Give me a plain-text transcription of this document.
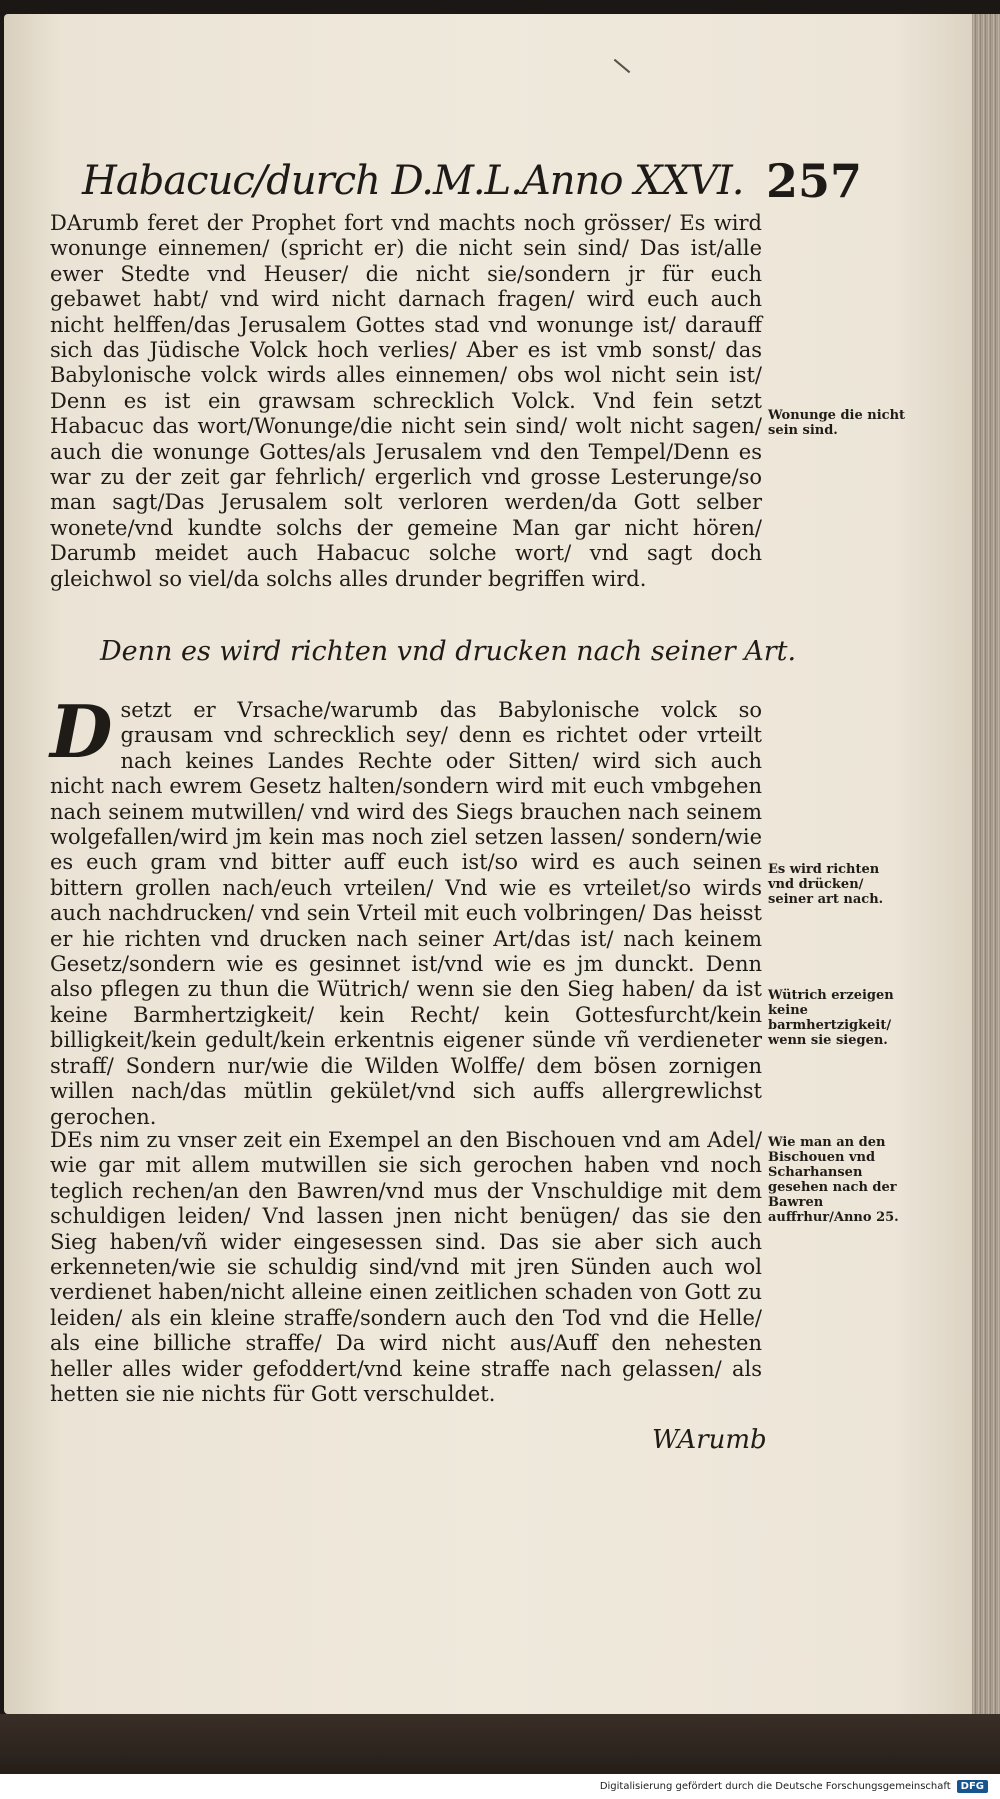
Habacuc/durch D.M.L.Anno XXVI. 257
DArumb feret der Prophet fort vnd machts noch grösser/ Es wird wonunge einnemen/ (spricht er) die nicht sein sind/ Das ist/alle ewer Stedte vnd Heuser/ die nicht sie/sondern jr für euch gebawet habt/ vnd wird nicht darnach fragen/ wird euch auch nicht helffen/das Jerusalem Gottes stad vnd wonunge ist/ darauff sich das Jüdische Volck hoch verlies/ Aber es ist vmb sonst/ das Babylonische volck wirds alles einnemen/ obs wol nicht sein ist/ Denn es ist ein grawsam schrecklich Volck. Vnd fein setzt Habacuc das wort/Wonunge/die nicht sein sind/ wolt nicht sagen/ auch die wonunge Gottes/als Jerusalem vnd den Tempel/Denn es war zu der zeit gar fehrlich/ ergerlich vnd grosse Lesterunge/so man sagt/Das Jerusalem solt verloren werden/da Gott selber wonete/vnd kundte solchs der gemeine Man gar nicht hören/ Darumb meidet auch Habacuc solche wort/ vnd sagt doch gleichwol so viel/da solchs alles drunder begriffen wird.
Denn es wird richten vnd drucken nach seiner Art.
Dsetzt er Vrsache/warumb das Babylonische volck so grausam vnd schrecklich sey/ denn es richtet oder vrteilt nach keines Landes Rechte oder Sitten/ wird sich auch nicht nach ewrem Gesetz halten/sondern wird mit euch vmbgehen nach seinem mutwillen/ vnd wird des Siegs brauchen nach seinem wolgefallen/wird jm kein mas noch ziel setzen lassen/ sondern/wie es euch gram vnd bitter auff euch ist/so wird es auch seinen bittern grollen nach/euch vrteilen/ Vnd wie es vrteilet/so wirds auch nachdrucken/ vnd sein Vrteil mit euch volbringen/ Das heisst er hie richten vnd drucken nach seiner Art/das ist/ nach keinem Gesetz/sondern wie es gesinnet ist/vnd wie es jm dunckt. Denn also pflegen zu thun die Wütrich/ wenn sie den Sieg haben/ da ist keine Barmhertzigkeit/ kein Recht/ kein Gottesfurcht/kein billigkeit/kein gedult/kein erkentnis eigener sünde vñ verdieneter straff/ Sondern nur/wie die Wilden Wolffe/ dem bösen zornigen willen nach/das mütlin gekület/vnd sich auffs allergrewlichst gerochen.
DEs nim zu vnser zeit ein Exempel an den Bischouen vnd am Adel/ wie gar mit allem mutwillen sie sich gerochen haben vnd noch teglich rechen/an den Bawren/vnd mus der Vnschuldige mit dem schuldigen leiden/ Vnd lassen jnen nicht benügen/ das sie den Sieg haben/vñ wider eingesessen sind. Das sie aber sich auch erkenneten/wie sie schuldig sind/vnd mit jren Sünden auch wol verdienet haben/nicht alleine einen zeitlichen schaden von Gott zu leiden/ als ein kleine straffe/sondern auch den Tod vnd die Helle/ als eine billiche straffe/ Da wird nicht aus/Auff den nehesten heller alles wider gefoddert/vnd keine straffe nach gelassen/ als hetten sie nie nichts für Gott verschuldet.
WArumb
Wonunge die nicht sein sind.
Es wird richten vnd drücken/ seiner art nach.
Wütrich erzeigen keine barmhertzigkeit/ wenn sie siegen.
Wie man an den Bischouen vnd Scharhansen gesehen nach der Bawren auffrhur/Anno 25.
Digitalisierung gefördert durch die Deutsche Forschungsgemeinschaft	DFG
